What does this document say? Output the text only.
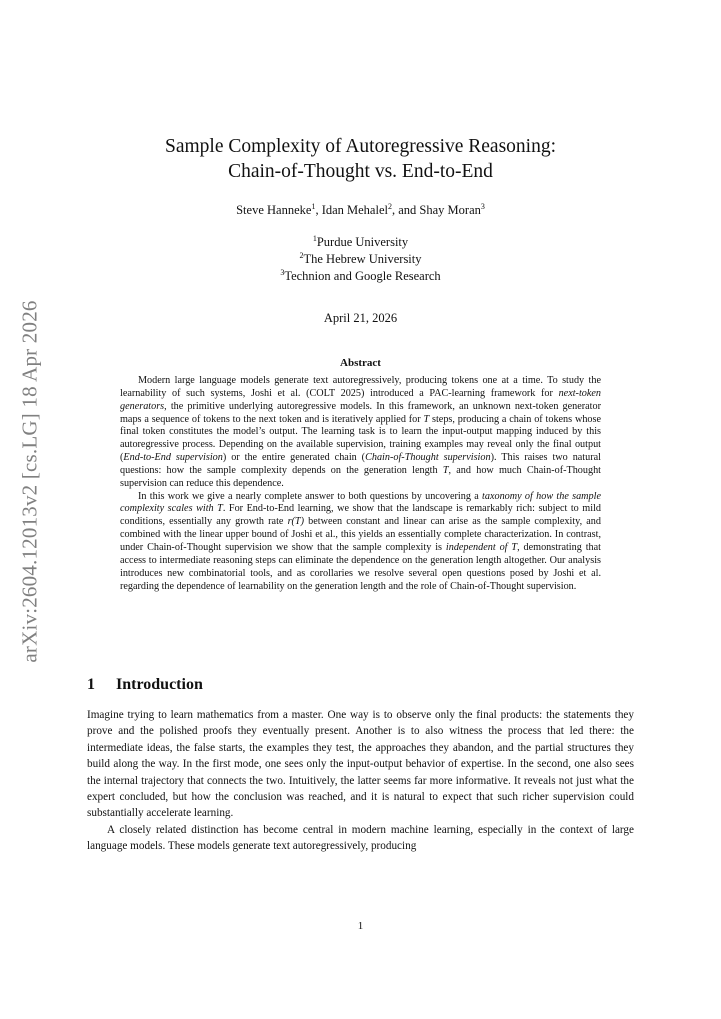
arXiv:2604.12013v2 [cs.LG] 18 Apr 2026
Sample Complexity of Autoregressive Reasoning:
Chain-of-Thought vs. End-to-End
Steve Hanneke$^1$, Idan Mehalel$^2$, and Shay Moran$^3$
$^1$Purdue University
$^2$The Hebrew University
$^3$Technion and Google Research
April 21, 2026
Abstract

Modern large language models generate text autoregressively, producing tokens one at a time. To study the learnability of such systems, Joshi et al. (COLT 2025) introduced a PAC-learning framework for next-token generators, the primitive underlying autoregressive models. In this framework, an unknown next-token generator maps a sequence of tokens to the next token and is iteratively applied for T steps, producing a chain of tokens whose final token constitutes the model’s output. The learning task is to learn the input-output mapping induced by this autoregressive process. Depending on the available supervision, training examples may reveal only the final output (End-to-End supervision) or the entire generated chain (Chain-of-Thought supervision). This raises two natural questions: how the sample complexity depends on the generation length T, and how much Chain-of-Thought supervision can reduce this dependence.

In this work we give a nearly complete answer to both questions by uncovering a taxonomy of how the sample complexity scales with T. For End-to-End learning, we show that the landscape is remarkably rich: subject to mild conditions, essentially any growth rate r(T) between constant and linear can arise as the sample complexity, and combined with the linear upper bound of Joshi et al., this yields an essentially complete characterization. In contrast, under Chain-of-Thought supervision we show that the sample complexity is independent of T, demonstrating that access to intermediate reasoning steps can eliminate the dependence on the generation length altogether. Our analysis introduces new combinatorial tools, and as corollaries we resolve several open questions posed by Joshi et al. regarding the dependence of learnability on the generation length and the role of Chain-of-Thought supervision.

1 Introduction

Imagine trying to learn mathematics from a master. One way is to observe only the final products: the statements they prove and the polished proofs they eventually present. Another is to also witness the process that led there: the intermediate ideas, the false starts, the examples they test, the approaches they abandon, and the partial structures they build along the way. In the first mode, one sees only the input-output behavior of expertise. In the second, one also sees the internal trajectory that connects the two. Intuitively, the latter seems far more informative. It reveals not just what the expert concluded, but how the conclusion was reached, and it is natural to expect that such richer supervision could substantially accelerate learning.

A closely related distinction has become central in modern machine learning, especially in the context of large language models. These models generate text autoregressively, producing

1
